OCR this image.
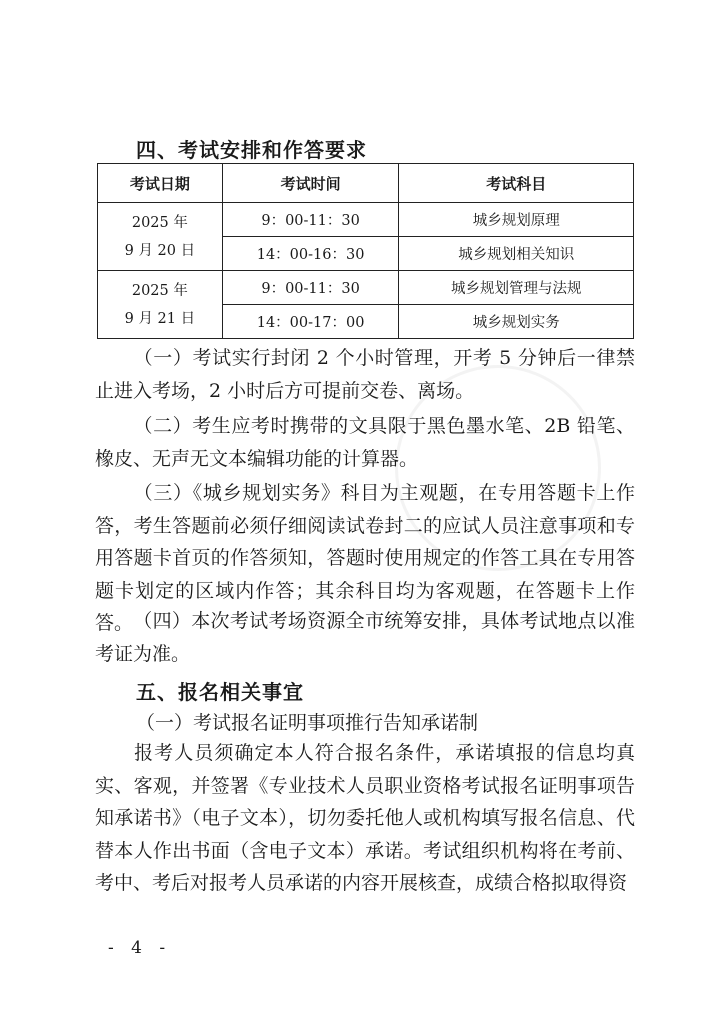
四、考试安排和作答要求
考试日期	考试时间	考试科目

2025 年
9 月 20 日	9：00-11：30	城乡规划原理
	14：00-16：30	城乡规划相关知识

2025 年
9 月 21 日	9：00-11：30	城乡规划管理与法规
	14：00-17：00	城乡规划实务

（一）考试实行封闭 2 个小时管理，开考 5 分钟后一律禁止进入考场，2 小时后方可提前交卷、离场。

（二）考生应考时携带的文具限于黑色墨水笔、2B 铅笔、橡皮、无声无文本编辑功能的计算器。

（三）《城乡规划实务》科目为主观题，在专用答题卡上作答，考生答题前必须仔细阅读试卷封二的应试人员注意事项和专用答题卡首页的作答须知，答题时使用规定的作答工具在专用答题卡划定的区域内作答；其余科目均为客观题，在答题卡上作答。 （四）本次考试考场资源全市统筹安排，具体考试地点以准考证为准。

五、报名相关事宜
（一）考试报名证明事项推行告知承诺制

报考人员须确定本人符合报名条件，承诺填报的信息均真实、客观，并签署《专业技术人员职业资格考试报名证明事项告知承诺书》（电子文本），切勿委托他人或机构填写报名信息、代替本人作出书面（含电子文本）承诺。考试组织机构将在考前、考中、考后对报考人员承诺的内容开展核查，成绩合格拟取得资

- 4 -
